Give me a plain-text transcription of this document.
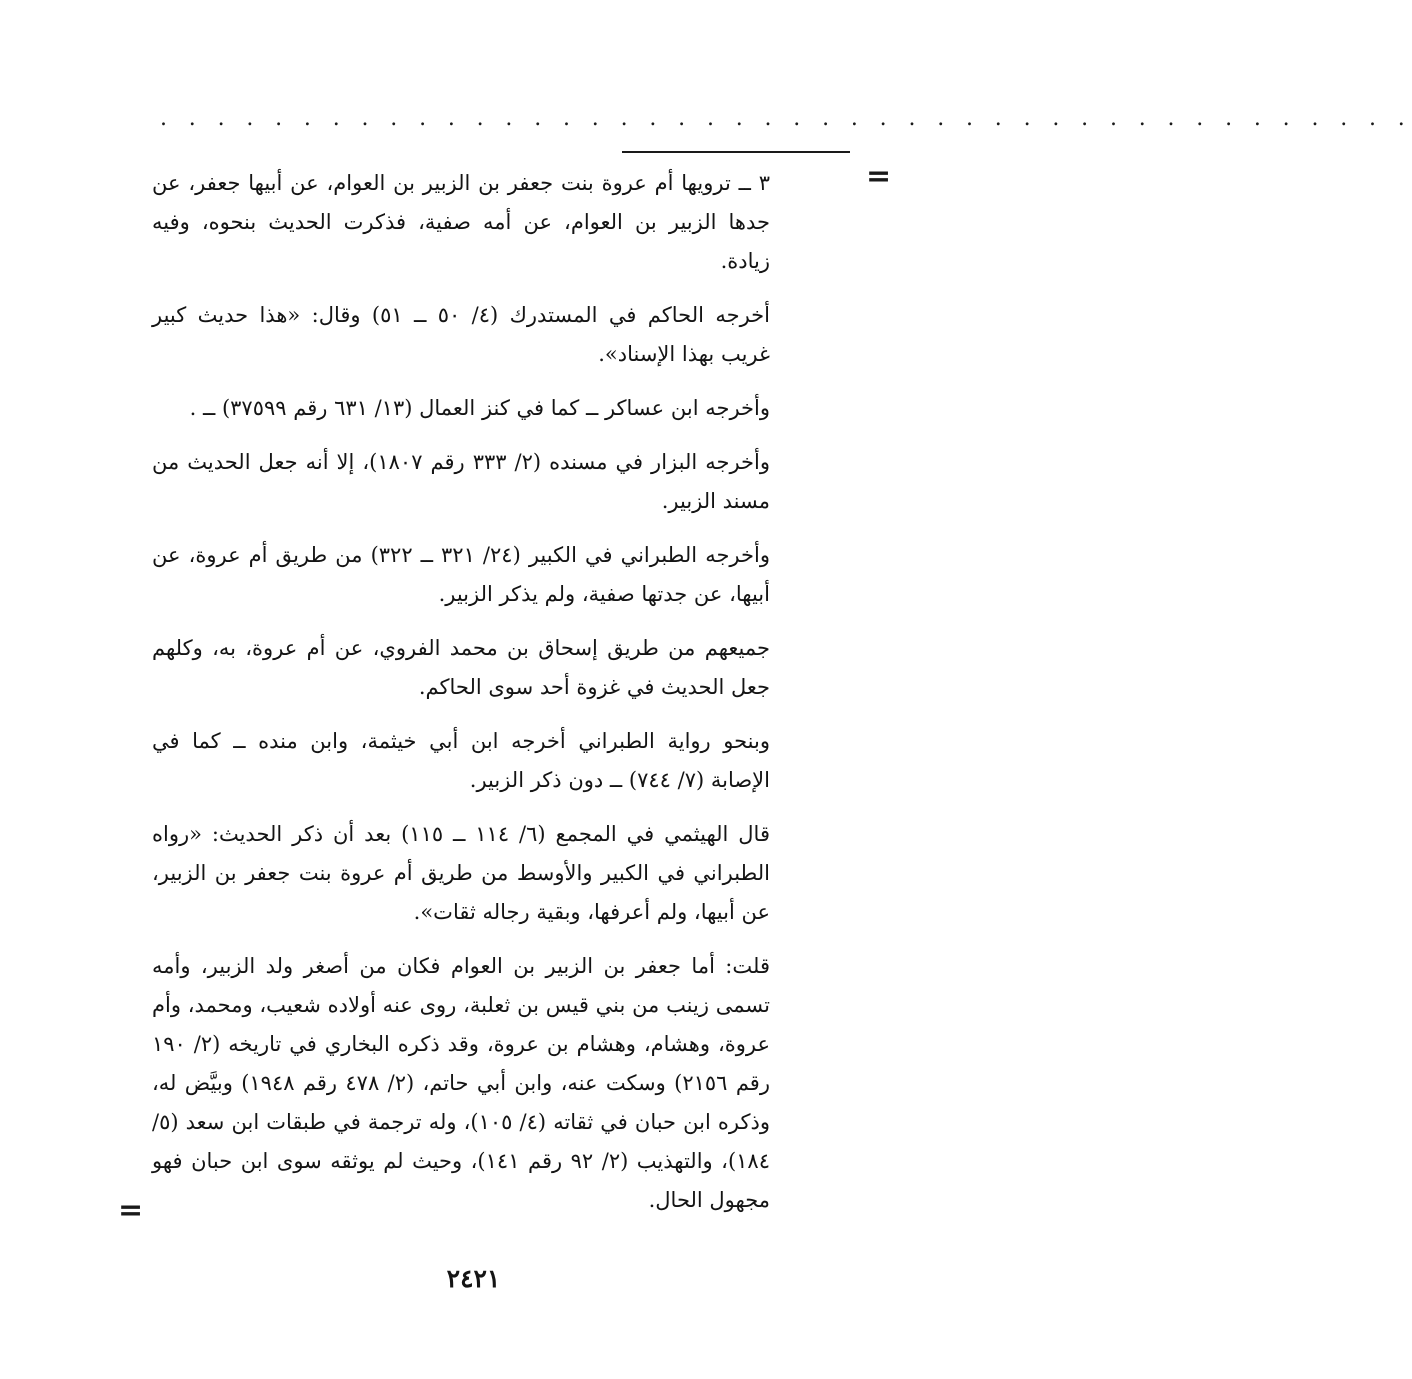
. . . . . . . . . . . . . . . . . . . . . . . . . . . . . . . . . . . . . . . . . . . .
=

٣ ــ ترويها أم عروة بنت جعفر بن الزبير بن العوام، عن أبيها جعفر، عن جدها الزبير بن العوام، عن أمه صفية، فذكرت الحديث بنحوه، وفيه زيادة.

أخرجه الحاكم في المستدرك (٤/ ٥٠ ــ ٥١) وقال: «هذا حديث كبير غريب بهذا الإسناد».

وأخرجه ابن عساكر ــ كما في كنز العمال (١٣/ ٦٣١ رقم ٣٧٥٩٩) ــ .

وأخرجه البزار في مسنده (٢/ ٣٣٣ رقم ١٨٠٧)، إلا أنه جعل الحديث من مسند الزبير.

وأخرجه الطبراني في الكبير (٢٤/ ٣٢١ ــ ٣٢٢) من طريق أم عروة، عن أبيها، عن جدتها صفية، ولم يذكر الزبير.

جميعهم من طريق إسحاق بن محمد الفروي، عن أم عروة، به، وكلهم جعل الحديث في غزوة أحد سوى الحاكم.

وبنحو رواية الطبراني أخرجه ابن أبي خيثمة، وابن منده ــ كما في الإصابة (٧/ ٧٤٤) ــ دون ذكر الزبير.

قال الهيثمي في المجمع (٦/ ١١٤ ــ ١١٥) بعد أن ذكر الحديث: «رواه الطبراني في الكبير والأوسط من طريق أم عروة بنت جعفر بن الزبير، عن أبيها، ولم أعرفها، وبقية رجاله ثقات».

قلت: أما جعفر بن الزبير بن العوام فكان من أصغر ولد الزبير، وأمه تسمى زينب من بني قيس بن ثعلبة، روى عنه أولاده شعيب، ومحمد، وأم عروة، وهشام، وهشام بن عروة، وقد ذكره البخاري في تاريخه (٢/ ١٩٠ رقم ٢١٥٦) وسكت عنه، وابن أبي حاتم، (٢/ ٤٧٨ رقم ١٩٤٨) وبيَّض له، وذكره ابن حبان في ثقاته (٤/ ١٠٥)، وله ترجمة في طبقات ابن سعد (٥/ ١٨٤)، والتهذيب (٢/ ٩٢ رقم ١٤١)، وحيث لم يوثقه سوى ابن حبان فهو مجهول الحال.

=
٢٤٢١
